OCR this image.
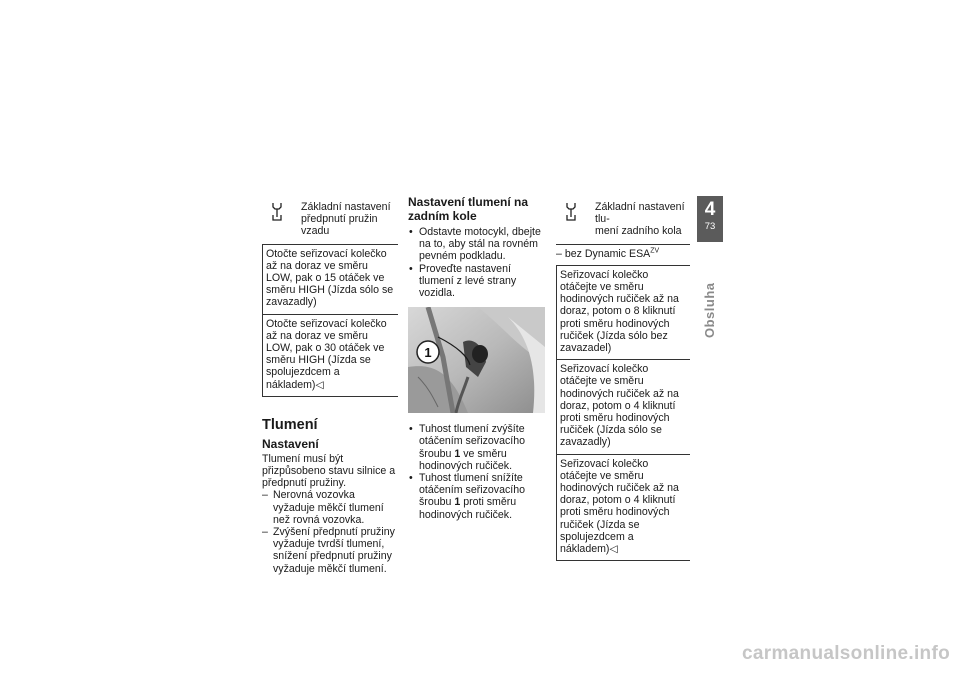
Základní nastavení
předpnutí pružin vzadu
Otočte seřizovací kolečko až na doraz ve směru LOW, pak o 15 otáček ve směru HIGH (Jízda sólo se zavazadly)
Otočte seřizovací kolečko až na doraz ve směru LOW, pak o 30 otáček ve směru HIGH (Jízda se spolujezdcem a nákladem)◁
Tlumení
Nastavení

Tlumení musí být přizpůsobeno stavu silnice a předpnutí pružiny.

– Nerovná vozovka vyžaduje měkčí tlumení než rovná vozovka.
– Zvýšení předpnutí pružiny vyžaduje tvrdší tlumení, snížení předpnutí pružiny vyžaduje měkčí tlumení.
Nastavení tlumení na
zadním kole
• Odstavte motocykl, dbejte na to, aby stál na rovném pevném podkladu.
• Proveďte nastavení tlumení z levé strany vozidla.
1
• Tuhost tlumení zvýšíte otáčením seřizovacího šroubu 1 ve směru hodinových ručiček.
• Tuhost tlumení snížíte otáčením seřizovacího šroubu 1 proti směru hodinových ručiček.
Základní nastavení tlu-
mení zadního kola
– bez Dynamic $ESA^{ZV}$
Seřizovací kolečko otáčejte ve směru hodinových ručiček až na doraz, potom o 8 kliknutí proti směru hodinových ručiček (Jízda sólo bez zavazadel)
Seřizovací kolečko otáčejte ve směru hodinových ručiček až na doraz, potom o 4 kliknutí proti směru hodinových ručiček (Jízda sólo se zavazadly)
Seřizovací kolečko otáčejte ve směru hodinových ručiček až na doraz, potom o 4 kliknutí proti směru hodinových ručiček (Jízda se spolujezdcem a nákladem)◁
4
73
Obsluha
carmanualsonline.info
